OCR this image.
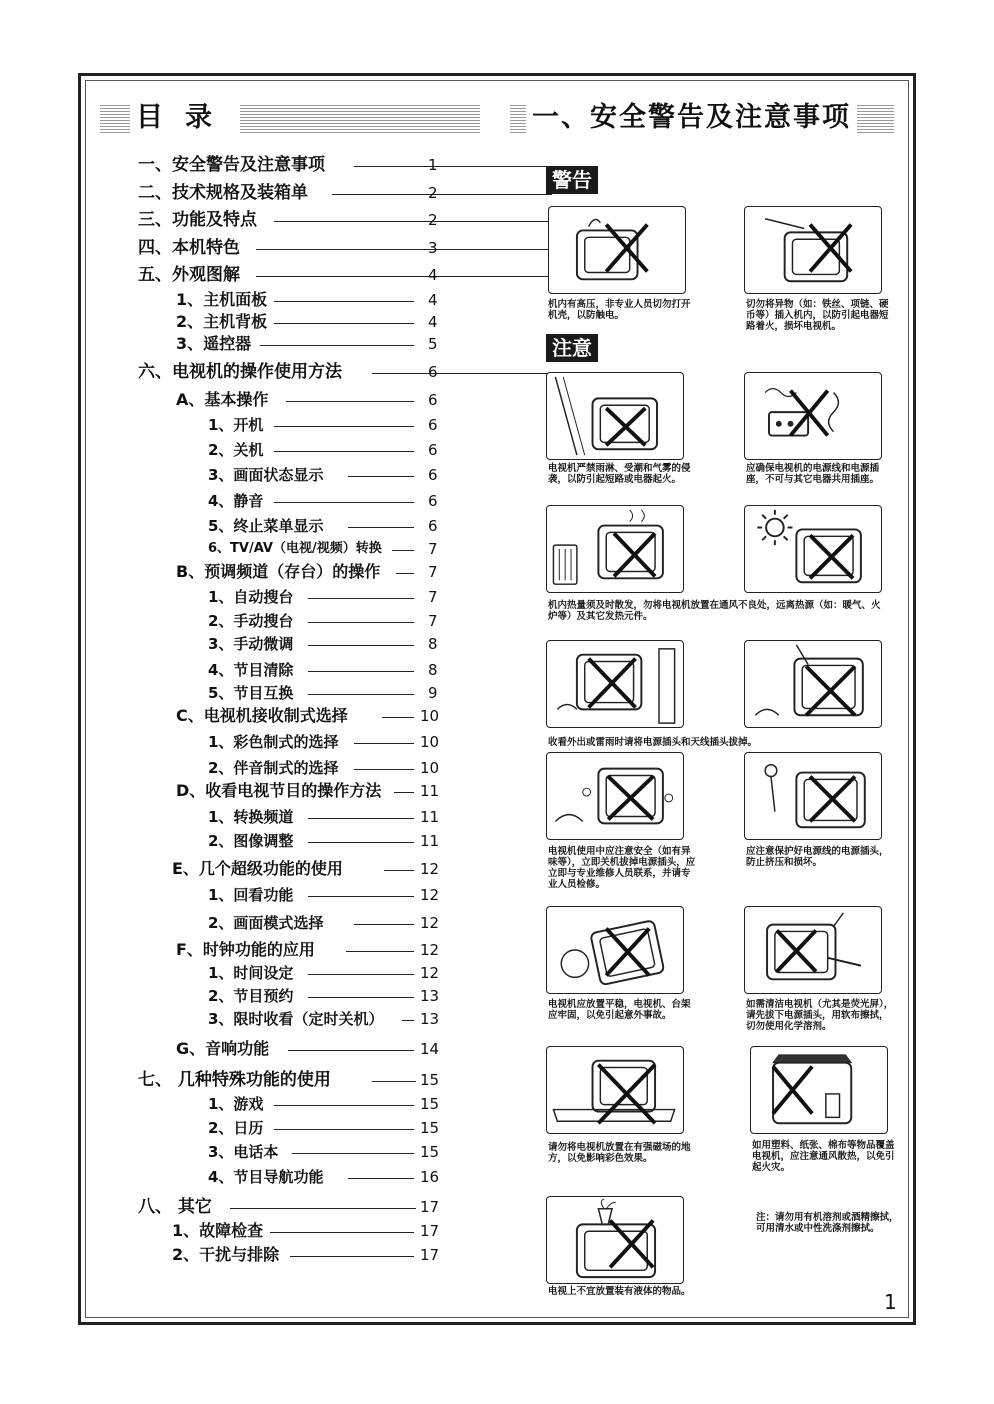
目录	一、安全警告及注意事项
一、安全警告及注意事项	1
二、技术规格及装箱单	2
三、功能及特点	2
四、本机特色	3
五、外观图解	4
1、主机面板	4
2、主机背板	4
3、遥控器	5
六、电视机的操作使用方法	6
A、基本操作	6
1、开机	6
2、关机	6
3、画面状态显示	6
4、静音	6
5、终止菜单显示	6
6、TV/AV（电视/视频）转换	7
B、预调频道（存台）的操作	7
1、自动搜台	7
2、手动搜台	7
3、手动微调	8
4、节目清除	8
5、节目互换	9
C、电视机接收制式选择	10
1、彩色制式的选择	10
2、伴音制式的选择	10
D、收看电视节目的操作方法	11
1、转换频道	11
2、图像调整	11
E、几个超级功能的使用	12
1、回看功能	12
2、画面模式选择	12
F、时钟功能的应用	12
1、时间设定	12
2、节目预约	13
3、限时收看（定时关机） 13
G、音响功能	14
七、 几种特殊功能的使用	15
1、游戏	15
2、日历	15
3、电话本	15
4、节目导航功能	16
八、 其它	17
1、故障检查	17
2、干扰与排除	17
警告
注意
机内有高压，非专业人员切勿打开机壳，以防触电。
切勿将异物（如：铁丝、项链、硬币等）插入机内，以防引起电器短路着火，损坏电视机。
电视机严禁雨淋、受潮和气雾的侵袭，以防引起短路或电器起火。
应确保电视机的电源线和电源插座，不可与其它电器共用插座。
机内热量须及时散发，勿将电视机放置在通风不良处，远离热源（如：暖气、火炉等）及其它发热元件。
收看外出或雷雨时请将电源插头和天线插头拔掉。
电视机使用中应注意安全（如有异味等），立即关机拔掉电源插头，应立即与专业维修人员联系，并请专业人员检修。
应注意保护好电源线的电源插头，防止挤压和损坏。
电视机应放置平稳，电视机、台架应牢固，以免引起意外事故。
如需清洁电视机（尤其是荧光屏），请先拔下电源插头，用软布擦拭，切勿使用化学溶剂。
请勿将电视机放置在有强磁场的地方，以免影响彩色效果。
如用塑料、纸张、棉布等物品覆盖电视机，应注意通风散热，以免引起火灾。
注：请勿用有机溶剂或酒精擦拭，可用清水或中性洗涤剂擦拭。
电视上不宜放置装有液体的物品。	1
